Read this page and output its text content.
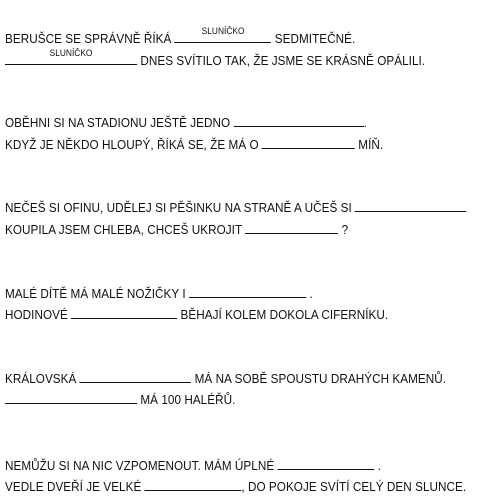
BERUŠCE SE SPRÁVNĚ ŘÍKÁ
SLUNÍČKO
SEDMITEČNÉ.
SLUNÍČKO
DNES SVÍTILO TAK, ŽE JSME SE KRÁSNĚ OPÁLILI.
OBĚHNI SI NA STADIONU JEŠTĚ JEDNO	.
KDYŽ JE NĚKDO HLOUPÝ, ŘÍKÁ SE, ŽE MÁ O	MÍŇ.
NEČEŠ SI OFINU, UDĚLEJ SI PĚŠINKU NA STRANĚ A UČEŠ SI
KOUPILA JSEM CHLEBA, CHCEŠ UKROJIT	?
MALÉ DÍTĚ MÁ MALÉ NOŽIČKY I	.
HODINOVÉ	BĚHAJÍ KOLEM DOKOLA CIFERNÍKU.
KRÁLOVSKÁ	MÁ NA SOBĚ SPOUSTU DRAHÝCH KAMENŮ.
MÁ 100 HALÉŘŮ.
NEMŮŽU SI NA NIC VZPOMENOUT. MÁM ÚPLNÉ	.
VEDLE DVEŘÍ JE VELKÉ	, DO POKOJE SVÍTÍ CELÝ DEN SLUNCE.
